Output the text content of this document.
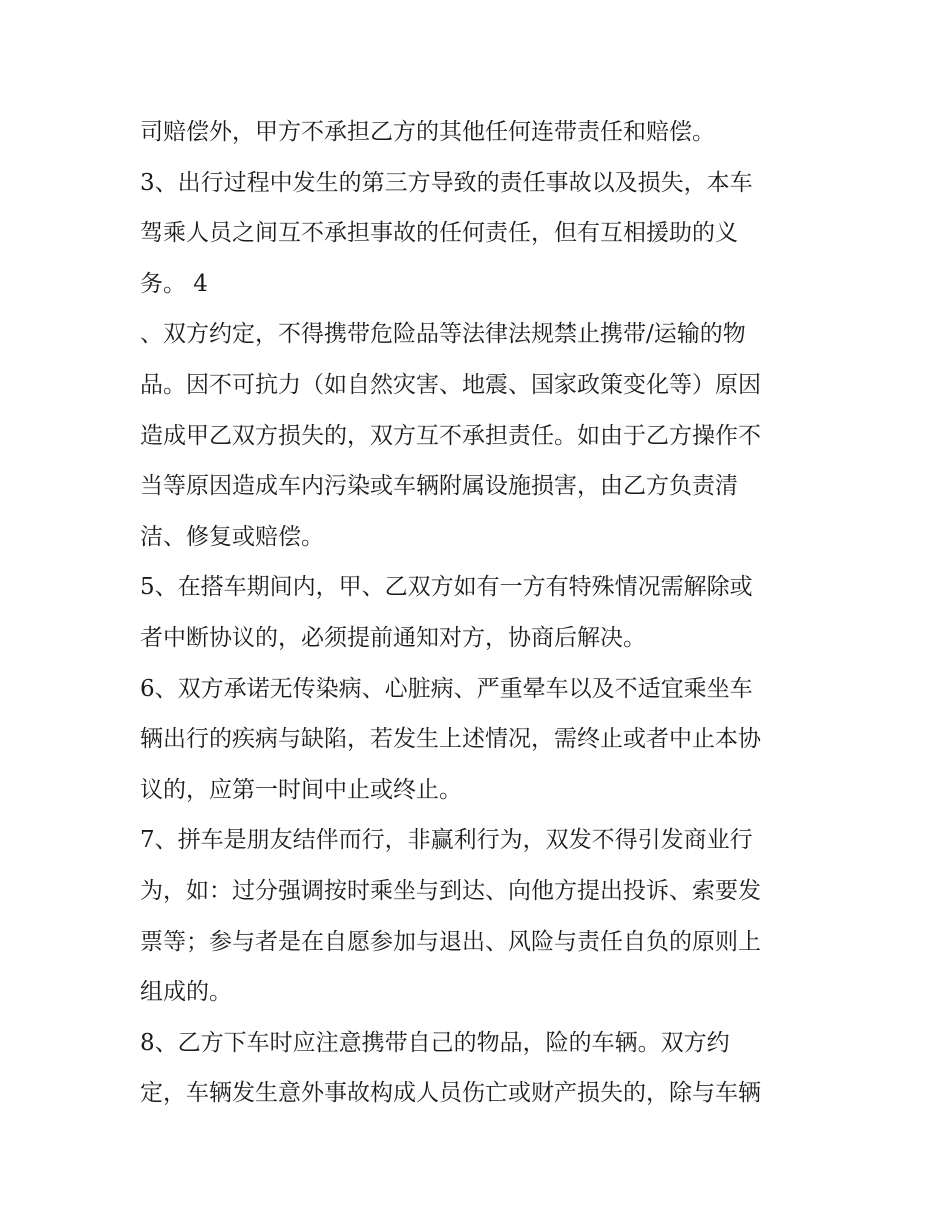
司赔偿外，甲方不承担乙方的其他任何连带责任和赔偿。
3、出行过程中发生的第三方导致的责任事故以及损失，本车
驾乘人员之间互不承担事故的任何责任，但有互相援助的义
务。 4
、双方约定，不得携带危险品等法律法规禁止携带/运输的物
品。因不可抗力（如自然灾害、地震、国家政策变化等）原因
造成甲乙双方损失的，双方互不承担责任。如由于乙方操作不
当等原因造成车内污染或车辆附属设施损害，由乙方负责清
洁、修复或赔偿。
5、在搭车期间内，甲、乙双方如有一方有特殊情况需解除或
者中断协议的，必须提前通知对方，协商后解决。
6、双方承诺无传染病、心脏病、严重晕车以及不适宜乘坐车
辆出行的疾病与缺陷，若发生上述情况，需终止或者中止本协
议的，应第一时间中止或终止。
7、拼车是朋友结伴而行，非赢利行为，双发不得引发商业行
为，如：过分强调按时乘坐与到达、向他方提出投诉、索要发
票等；参与者是在自愿参加与退出、风险与责任自负的原则上
组成的。
8、乙方下车时应注意携带自己的物品，险的车辆。双方约
定，车辆发生意外事故构成人员伤亡或财产损失的，除与车辆
